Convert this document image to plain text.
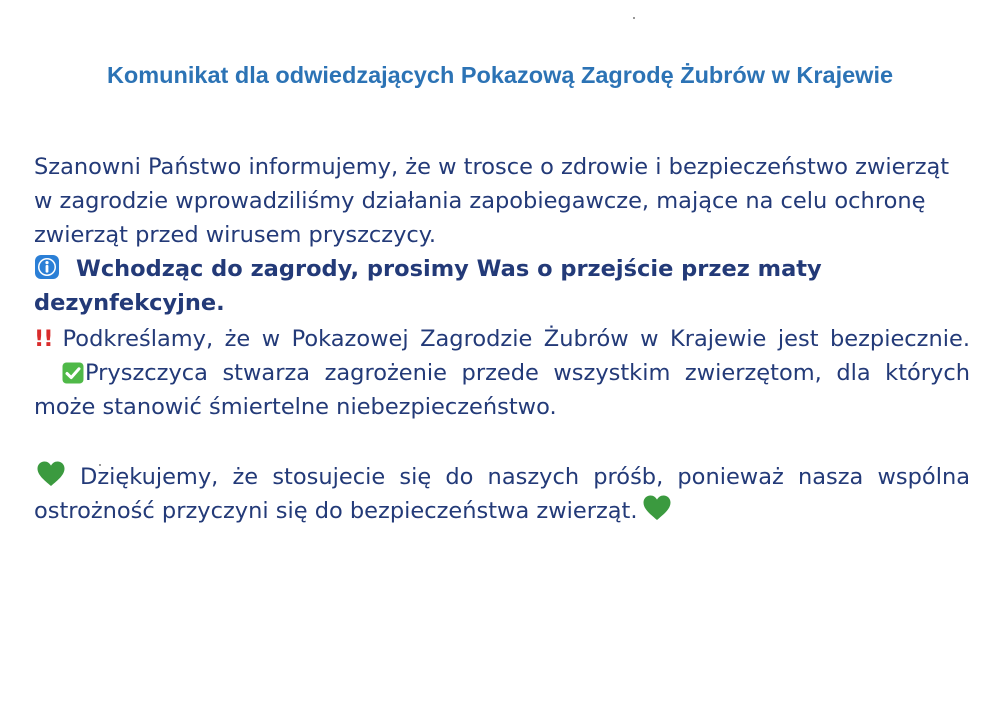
Komunikat dla odwiedzających Pokazową Zagrodę Żubrów w Krajewie

Szanowni Państwo informujemy, że w trosce o zdrowie i bezpieczeństwo zwierząt w zagrodzie wprowadziliśmy działania zapobiegawcze, mające na celu ochronę zwierząt przed wirusem pryszczycy.

Wchodząc do zagrody, prosimy Was o przejście przez maty dezynfekcyjne.

!! Podkreślamy, że w Pokazowej Zagrodzie Żubrów w Krajewie jest bezpiecznie.Pryszczyca stwarza zagrożenie przede wszystkim zwierzętom, dla których może stanowić śmiertelne niebezpieczeństwo.

Dziękujemy, że stosujecie się do naszych próśb, ponieważ nasza wspólna ostrożność przyczyni się do bezpieczeństwa zwierząt.
